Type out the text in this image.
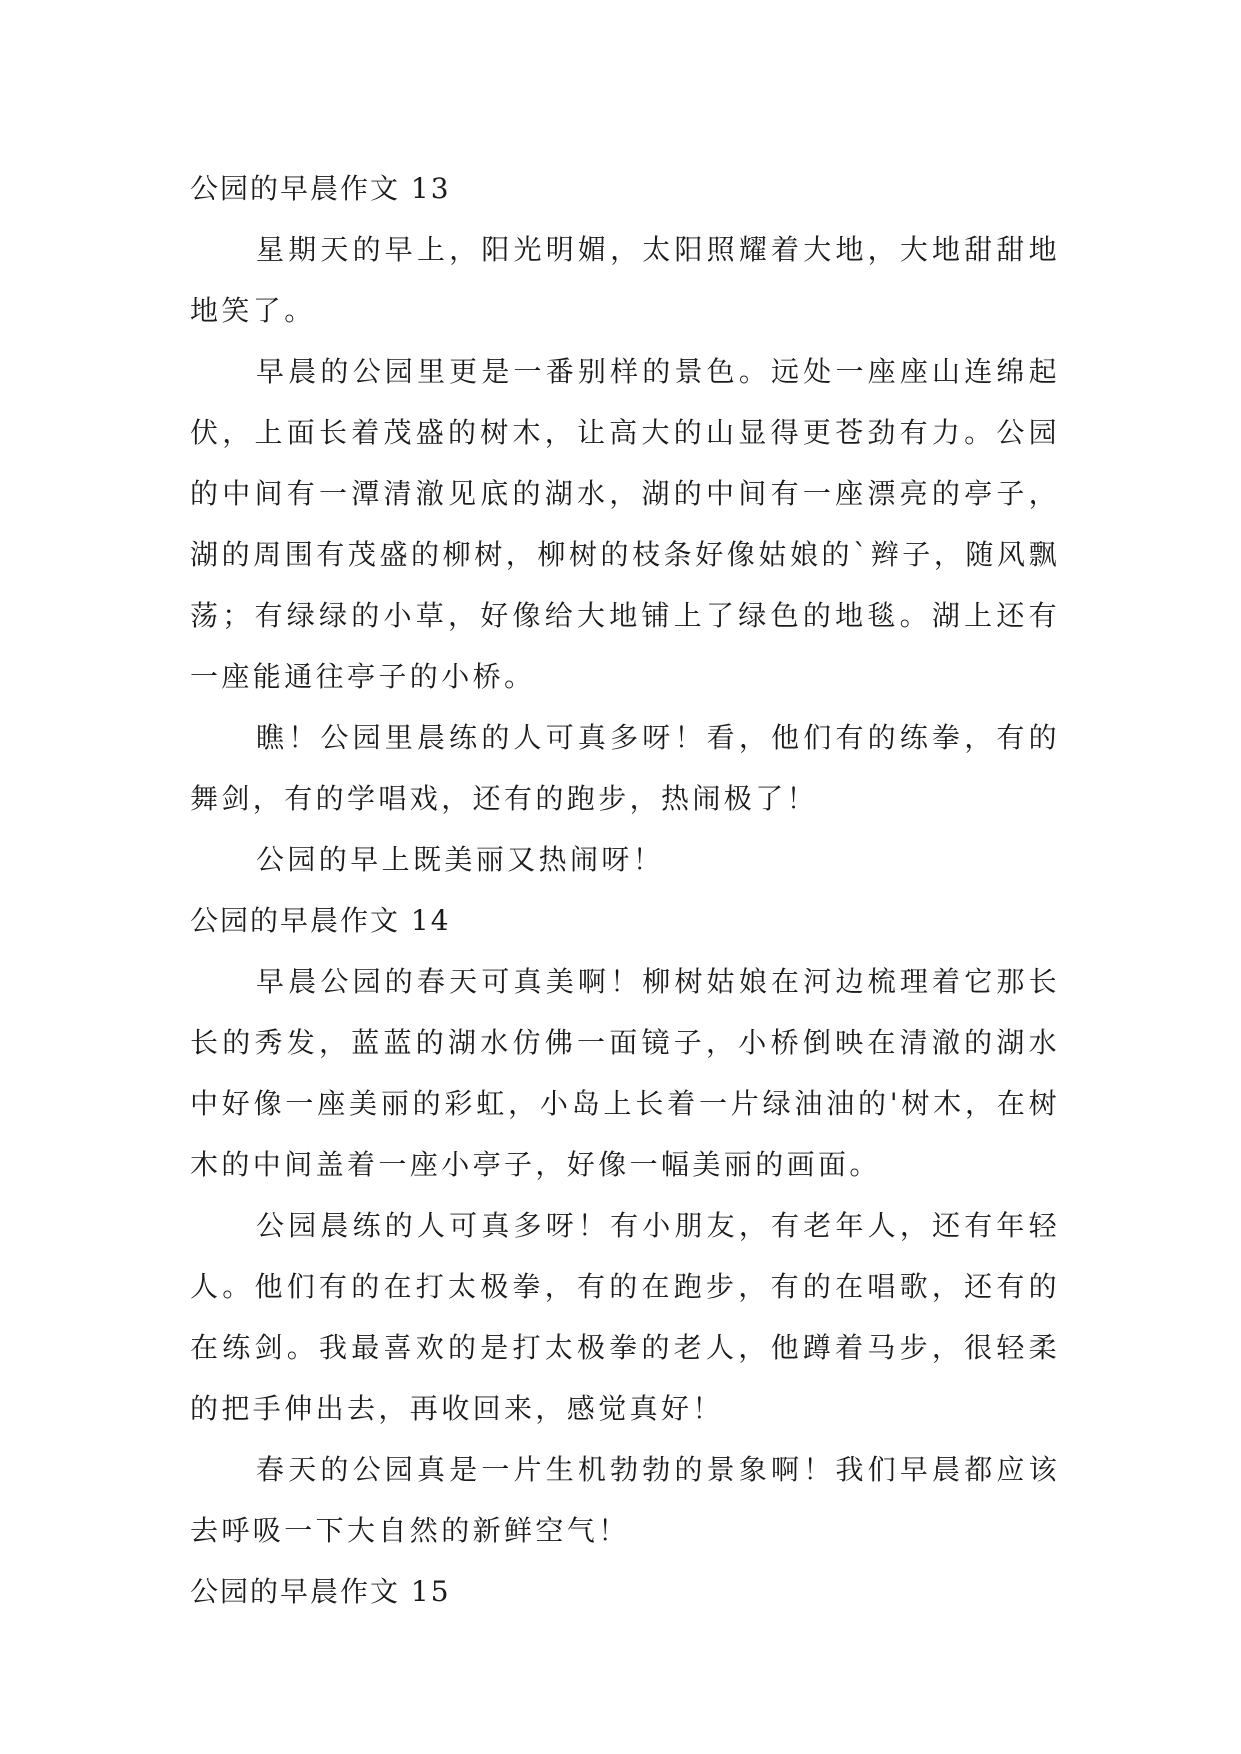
公园的早晨作文 13

星期天的早上，阳光明媚，太阳照耀着大地，大地甜甜地地笑了。

早晨的公园里更是一番别样的景色。远处一座座山连绵起伏，上面长着茂盛的树木，让高大的山显得更苍劲有力。公园的中间有一潭清澈见底的湖水，湖的中间有一座漂亮的亭子，湖的周围有茂盛的柳树，柳树的枝条好像姑娘的`辫子，随风飘荡；有绿绿的小草，好像给大地铺上了绿色的地毯。湖上还有一座能通往亭子的小桥。

瞧！公园里晨练的人可真多呀！看，他们有的练拳，有的舞剑，有的学唱戏，还有的跑步，热闹极了！

公园的早上既美丽又热闹呀！

公园的早晨作文 14

早晨公园的春天可真美啊！柳树姑娘在河边梳理着它那长长的秀发，蓝蓝的湖水仿佛一面镜子，小桥倒映在清澈的湖水中好像一座美丽的彩虹，小岛上长着一片绿油油的'树木，在树木的中间盖着一座小亭子，好像一幅美丽的画面。

公园晨练的人可真多呀！有小朋友，有老年人，还有年轻人。他们有的在打太极拳，有的在跑步，有的在唱歌，还有的在练剑。我最喜欢的是打太极拳的老人，他蹲着马步，很轻柔的把手伸出去，再收回来，感觉真好！

春天的公园真是一片生机勃勃的景象啊！我们早晨都应该去呼吸一下大自然的新鲜空气！

公园的早晨作文 15
